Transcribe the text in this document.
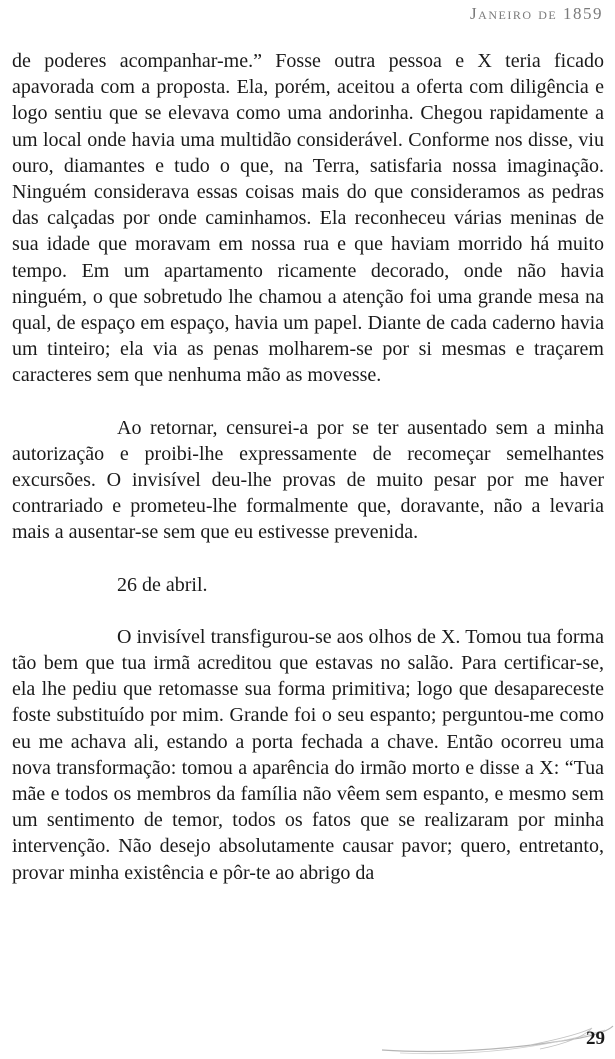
Janeiro de 1859

de poderes acompanhar-me.” Fosse outra pessoa e X teria ficado apavorada com a proposta. Ela, porém, aceitou a oferta com diligência e logo sentiu que se elevava como uma andorinha. Chegou rapidamente a um local onde havia uma multidão considerável. Conforme nos disse, viu ouro, diamantes e tudo o que, na Terra, satisfaria nossa imaginação. Ninguém considerava essas coisas mais do que consideramos as pedras das calçadas por onde caminhamos. Ela reconheceu várias meninas de sua idade que moravam em nossa rua e que haviam morrido há muito tempo. Em um apartamento ricamente decorado, onde não havia ninguém, o que sobretudo lhe chamou a atenção foi uma grande mesa na qual, de espaço em espaço, havia um papel. Diante de cada caderno havia um tinteiro; ela via as penas molharem-se por si mesmas e traçarem caracteres sem que nenhuma mão as movesse.

Ao retornar, censurei-a por se ter ausentado sem a minha autorização e proibi-lhe expressamente de recomeçar semelhantes excursões. O invisível deu-lhe provas de muito pesar por me haver contrariado e prometeu-lhe formalmente que, doravante, não a levaria mais a ausentar-se sem que eu estivesse prevenida.

26 de abril.

O invisível transfigurou-se aos olhos de X. Tomou tua forma tão bem que tua irmã acreditou que estavas no salão. Para certificar-se, ela lhe pediu que retomasse sua forma primitiva; logo que desapareceste foste substituído por mim. Grande foi o seu espanto; perguntou-me como eu me achava ali, estando a porta fechada a chave. Então ocorreu uma nova transformação: tomou a aparência do irmão morto e disse a X: “Tua mãe e todos os membros da família não vêem sem espanto, e mesmo sem um sentimento de temor, todos os fatos que se realizaram por minha intervenção. Não desejo absolutamente causar pavor; quero, entretanto, provar minha existência e pôr-te ao abrigo da

29
